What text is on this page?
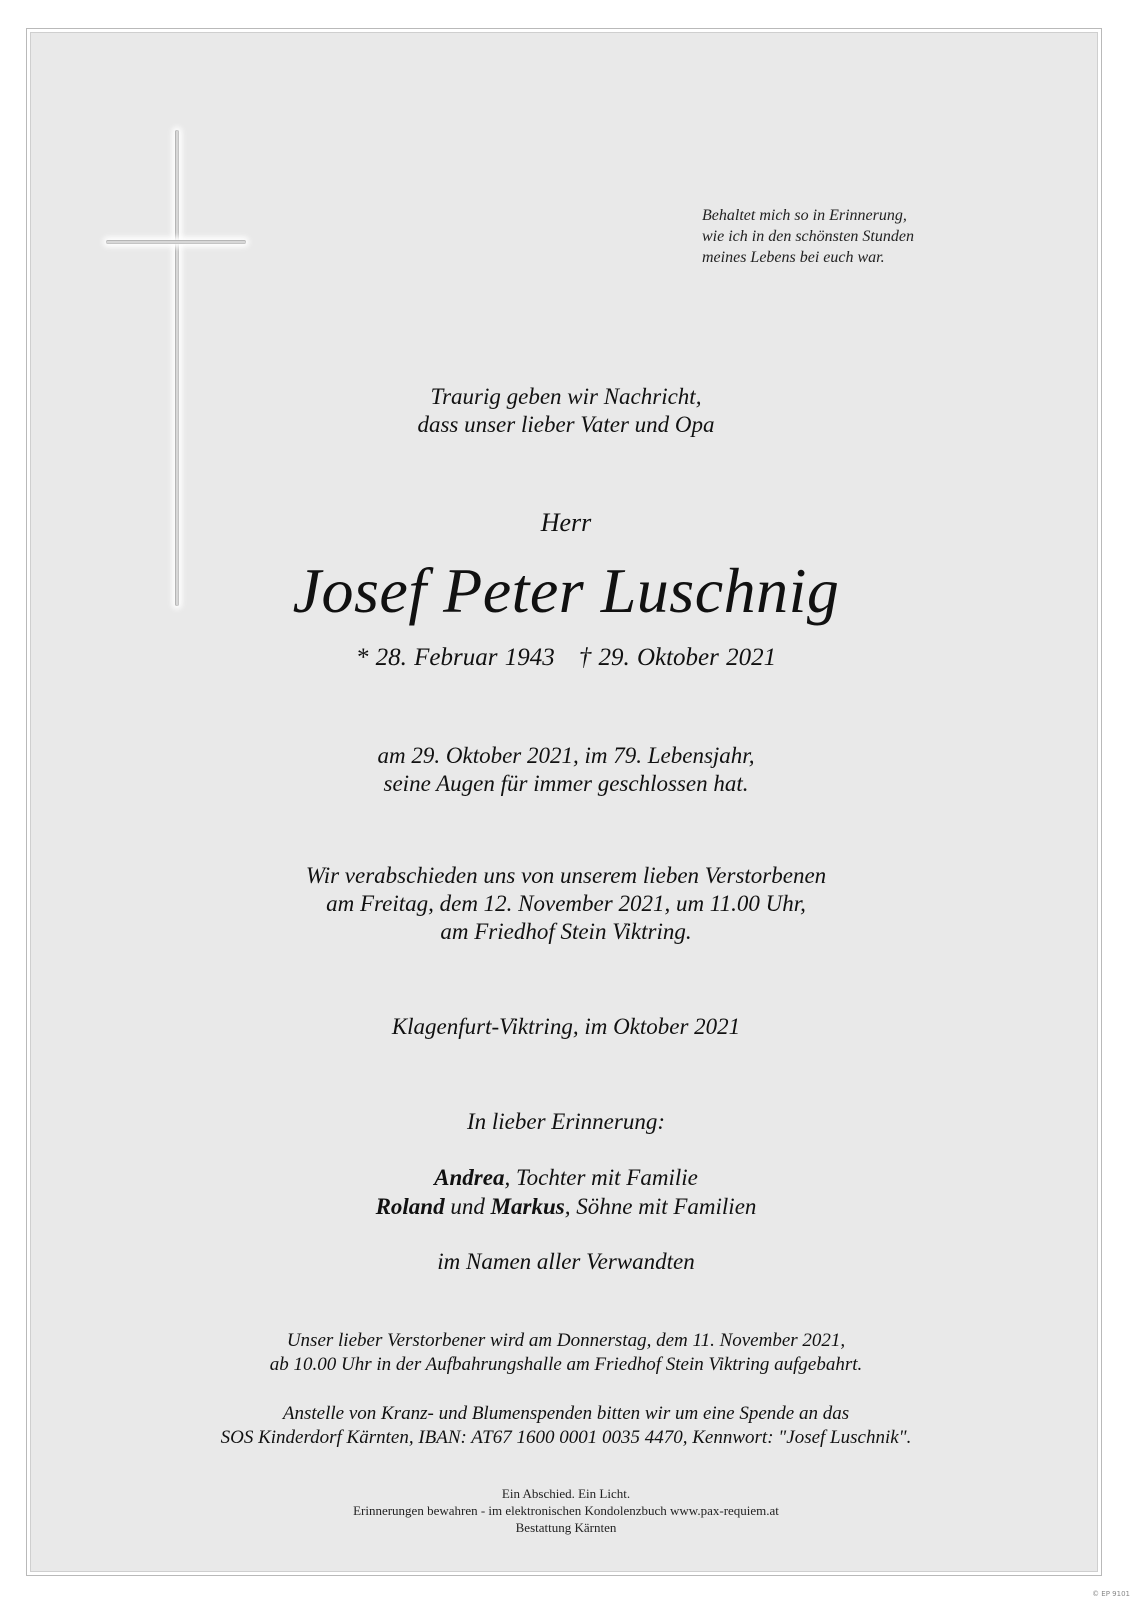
Behaltet mich so in Erinnerung,
wie ich in den schönsten Stunden
meines Lebens bei euch war.
Traurig geben wir Nachricht,
dass unser lieber Vater und Opa
Herr
Josef Peter Luschnig
* 28. Februar 1943 † 29. Oktober 2021
am 29. Oktober 2021, im 79. Lebensjahr,
seine Augen für immer geschlossen hat.
Wir verabschieden uns von unserem lieben Verstorbenen
am Freitag, dem 12. November 2021, um 11.00 Uhr,
am Friedhof Stein Viktring.
Klagenfurt-Viktring, im Oktober 2021
In lieber Erinnerung:
Andrea, Tochter mit Familie
Roland und Markus, Söhne mit Familien
im Namen aller Verwandten
Unser lieber Verstorbener wird am Donnerstag, dem 11. November 2021,
ab 10.00 Uhr in der Aufbahrungshalle am Friedhof Stein Viktring aufgebahrt.
Anstelle von Kranz- und Blumenspenden bitten wir um eine Spende an das
SOS Kinderdorf Kärnten, IBAN: AT67 1600 0001 0035 4470, Kennwort: "Josef Luschnik".
Ein Abschied. Ein Licht.
Erinnerungen bewahren - im elektronischen Kondolenzbuch www.pax-requiem.at
Bestattung Kärnten
© EP 9101
